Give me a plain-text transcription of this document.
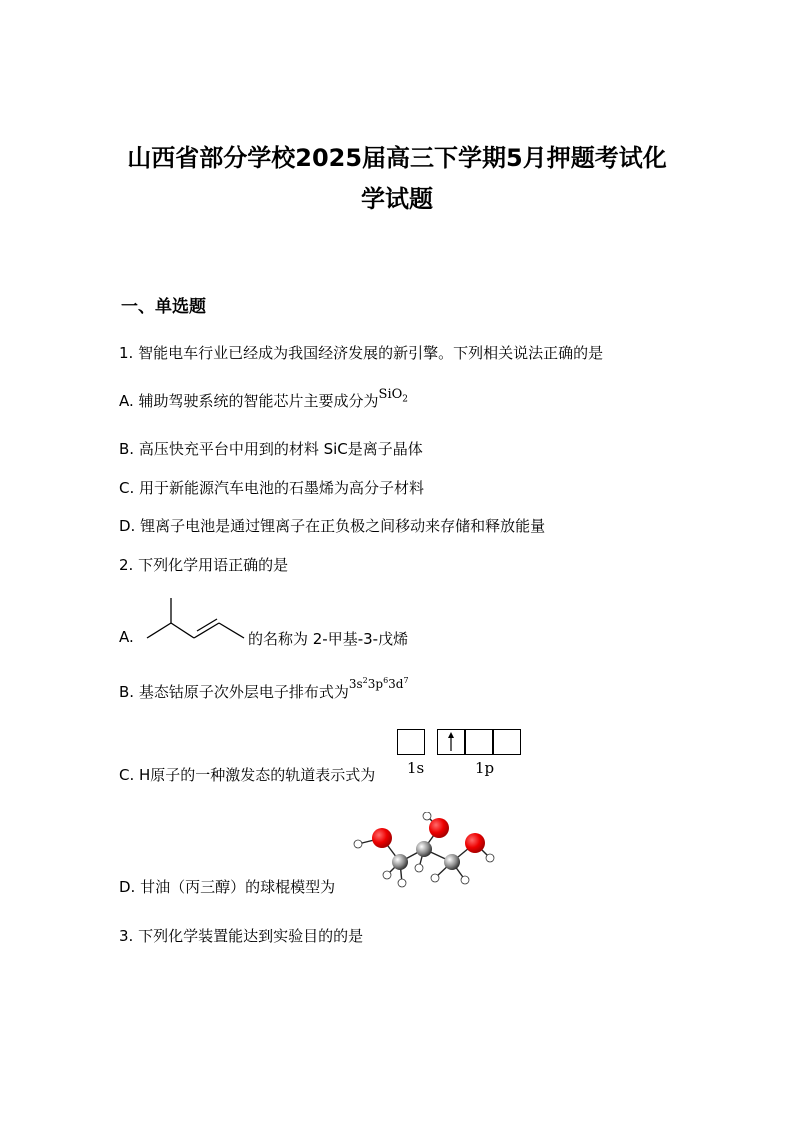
山西省部分学校2025届高三下学期5月押题考试化
学试题
一、单选题
1. 智能电车行业已经成为我国经济发展的新引擎。下列相关说法正确的是
A. 辅助驾驶系统的智能芯片主要成分为SiO$_2$
B. 高压快充平台中用到的材料 SiC是离子晶体
C. 用于新能源汽车电池的石墨烯为高分子材料
D. 锂离子电池是通过锂离子在正负极之间移动来存储和释放能量
2. 下列化学用语正确的是
A.	的名称为 2-甲基-3-戊烯
B. 基态钴原子次外层电子排布式为$^{3s^23p^63d^7}$
C. H原子的一种激发态的轨道表示式为 1s	1p
D. 甘油（丙三醇）的球棍模型为
3. 下列化学装置能达到实验目的的是
